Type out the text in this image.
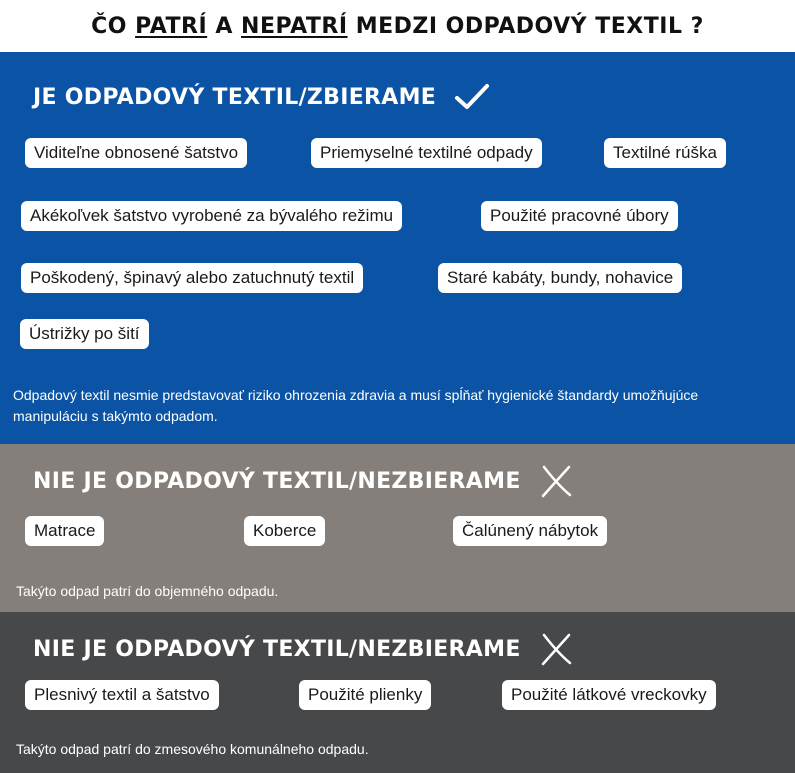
ČO PATRÍ A NEPATRÍ MEDZI ODPADOVÝ TEXTIL ?
JE ODPADOVÝ TEXTIL/ZBIERAME
Viditeľne obnosené šatstvo	Priemyselné textilné odpady	Textilné rúška
Akékoľvek šatstvo vyrobené za bývalého režimu	Použité pracovné úbory
Poškodený, špinavý alebo zatuchnutý textil	Staré kabáty, bundy, nohavice
Ústrižky po šití
Odpadový textil nesmie predstavovať riziko ohrozenia zdravia a musí spĺňať hygienické štandardy umožňujúce manipuláciu s takýmto odpadom.
NIE JE ODPADOVÝ TEXTIL/NEZBIERAME
Matrace	Koberce	Čalúnený nábytok
Takýto odpad patrí do objemného odpadu.
NIE JE ODPADOVÝ TEXTIL/NEZBIERAME
Plesnivý textil a šatstvo	Použité plienky	Použité látkové vreckovky
Takýto odpad patrí do zmesového komunálneho odpadu.
